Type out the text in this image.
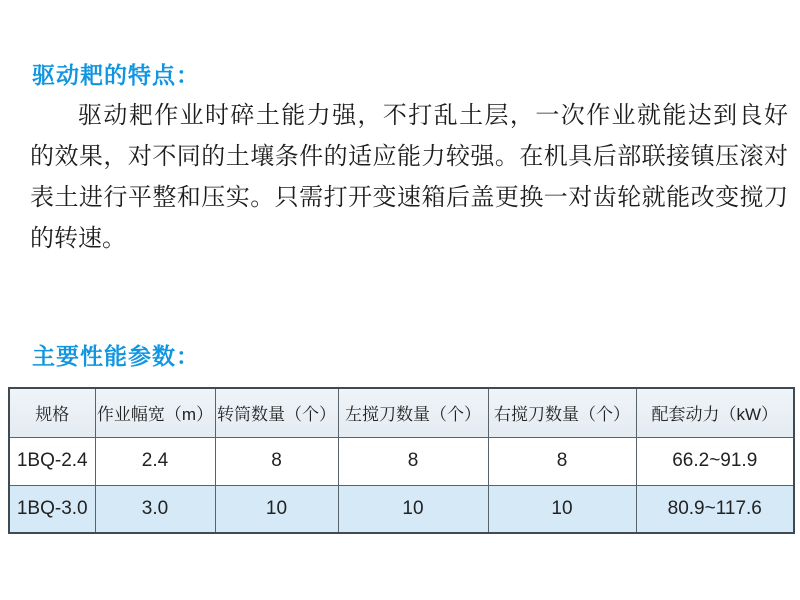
驱动耙的特点：
驱动耙作业时碎土能力强，不打乱土层，一次作业就能达到良好
的效果，对不同的土壤条件的适应能力较强。在机具后部联接镇压滚对
表土进行平整和压实。只需打开变速箱后盖更换一对齿轮就能改变搅刀
的转速。
主要性能参数：
规格	作业幅宽（m）	转筒数量（个）	左搅刀数量（个）	右搅刀数量（个）	配套动力（kW）
1BQ-2.4	2.4	8	8	8	66.2~91.9
1BQ-3.0	3.0	10	10	10	80.9~117.6
